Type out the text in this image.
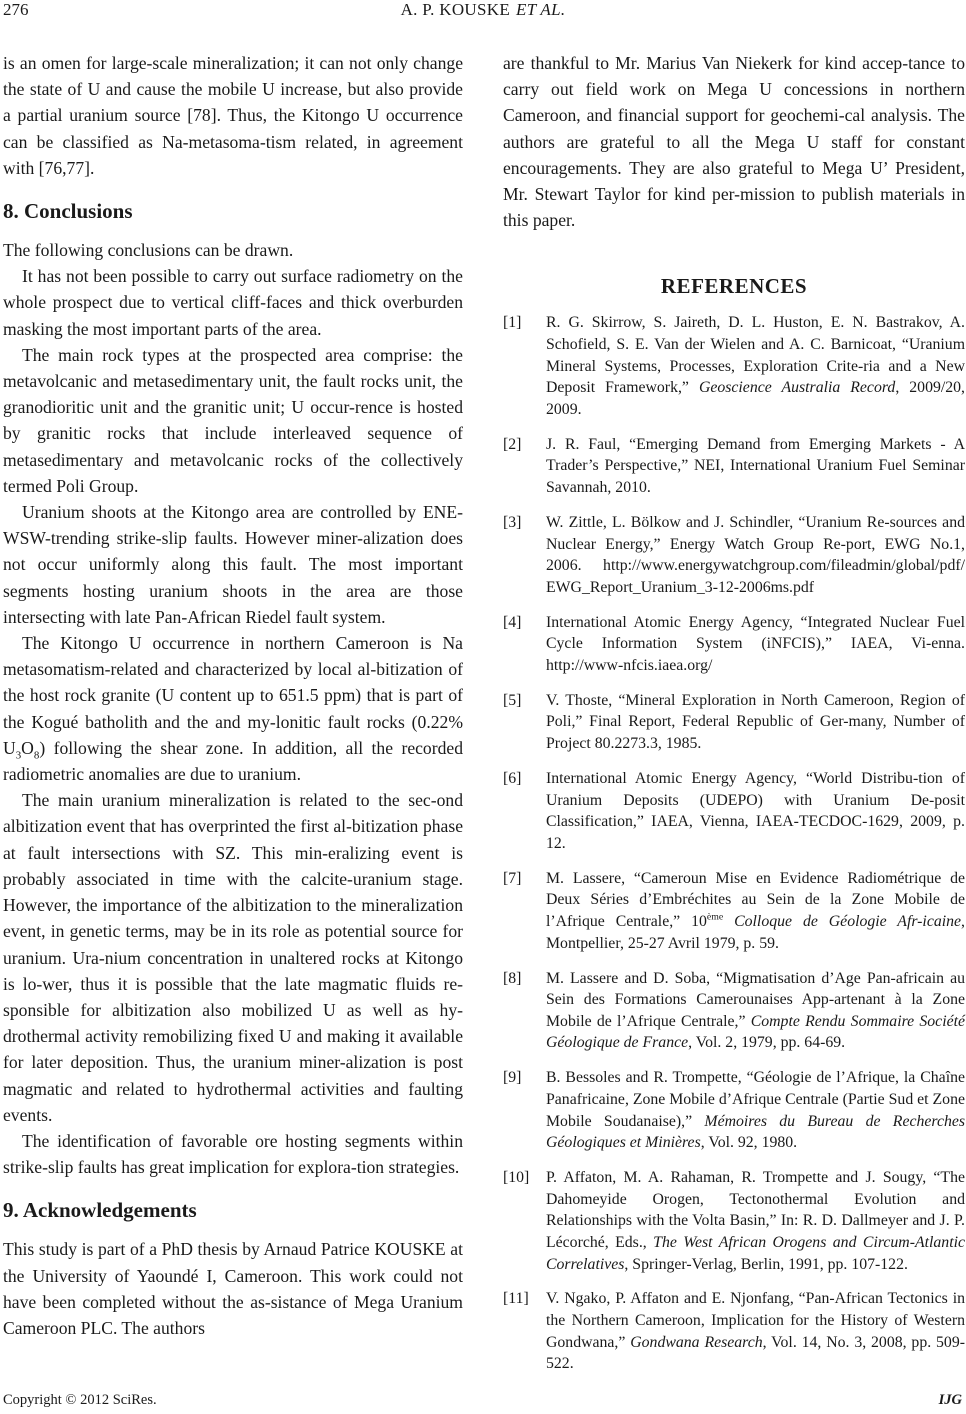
276	A. P. KOUSKE ET AL.

is an omen for large-scale mineralization; it can not only change the state of U and cause the mobile U increase, but also provide a partial uranium source [78]. Thus, the Kitongo U occurrence can be classified as Na-metasoma-tism related, in agreement with [76,77].

8. Conclusions

The following conclusions can be drawn.

It has not been possible to carry out surface radiometry on the whole prospect due to vertical cliff-faces and thick overburden masking the most important parts of the area.

The main rock types at the prospected area comprise: the metavolcanic and metasedimentary unit, the fault rocks unit, the granodioritic unit and the granitic unit; U occur-rence is hosted by granitic rocks that include interleaved sequence of metasedimentary and metavolcanic rocks of the collectively termed Poli Group.

Uranium shoots at the Kitongo area are controlled by ENE-WSW-trending strike-slip faults. However miner-alization does not occur uniformly along this fault. The most important segments hosting uranium shoots in the area are those intersecting with late Pan-African Riedel fault system.

The Kitongo U occurrence in northern Cameroon is Na metasomatism-related and characterized by local al-bitization of the host rock granite (U content up to 651.5 ppm) that is part of the Kogué batholith and the and my-lonitic fault rocks (0.22% $U_3O_8$) following the shear zone. In addition, all the recorded radiometric anomalies are due to uranium.

The main uranium mineralization is related to the sec-ond albitization event that has overprinted the first al-bitization phase at fault intersections with SZ. This min-eralizing event is probably associated in time with the calcite-uranium stage. However, the importance of the albitization to the mineralization event, in genetic terms, may be in its role as potential source for uranium. Ura-nium concentration in unaltered rocks at Kitongo is lo-wer, thus it is possible that the late magmatic fluids re-sponsible for albitization also mobilized U as well as hy-drothermal activity remobilizing fixed U and making it available for later deposition. Thus, the uranium miner-alization is post magmatic and related to hydrothermal activities and faulting events.

The identification of favorable ore hosting segments within strike-slip faults has great implication for explora-tion strategies.

9. Acknowledgements

This study is part of a PhD thesis by Arnaud Patrice KOUSKE at the University of Yaoundé I, Cameroon. This work could not have been completed without the as-sistance of Mega Uranium Cameroon PLC. The authors

are thankful to Mr. Marius Van Niekerk for kind accep-tance to carry out field work on Mega U concessions in northern Cameroon, and financial support for geochemi-cal analysis. The authors are grateful to all the Mega U staff for constant encouragements. They are also grateful to Mega U’ President, Mr. Stewart Taylor for kind per-mission to publish materials in this paper.

REFERENCES
[1] R. G. Skirrow, S. Jaireth, D. L. Huston, E. N. Bastrakov, A. Schofield, S. E. Van der Wielen and A. C. Barnicoat, “Uranium Mineral Systems, Processes, Exploration Crite-ria and a New Deposit Framework,” Geoscience Australia Record, 2009/20, 2009.
[2] J. R. Faul, “Emerging Demand from Emerging Markets - A Trader’s Perspective,” NEI, International Uranium Fuel Seminar Savannah, 2010.
[3] W. Zittle, L. Bölkow and J. Schindler, “Uranium Re-sources and Nuclear Energy,” Energy Watch Group Re-port, EWG No.1, 2006. http://www.energywatchgroup.com/fileadmin/global/pdf/ EWG_Report_Uranium_3-12-2006ms.pdf
[4] International Atomic Energy Agency, “Integrated Nuclear Fuel Cycle Information System (iNFCIS),” IAEA, Vi-enna. http://www-nfcis.iaea.org/
[5] V. Thoste, “Mineral Exploration in North Cameroon, Region of Poli,” Final Report, Federal Republic of Ger-many, Number of Project 80.2273.3, 1985.
[6] International Atomic Energy Agency, “World Distribu-tion of Uranium Deposits (UDEPO) with Uranium De-posit Classification,” IAEA, Vienna, IAEA-TECDOC-1629, 2009, p. 12.
[7] M. Lassere, “Cameroun Mise en Evidence Radiométrique de Deux Séries d’Embréchites au Sein de la Zone Mobile de l’Afrique Centrale,” 10ème Colloque de Géologie Afr-icaine, Montpellier, 25-27 Avril 1979, p. 59.
[8] M. Lassere and D. Soba, “Migmatisation d’Age Pan-africain au Sein des Formations Camerounaises App-artenant à la Zone Mobile de l’Afrique Centrale,” Compte Rendu Sommaire Société Géologique de France, Vol. 2, 1979, pp. 64-69.
[9] B. Bessoles and R. Trompette, “Géologie de l’Afrique, la Chaîne Panafricaine, Zone Mobile d’Afrique Centrale (Partie Sud et Zone Mobile Soudanaise),” Mémoires du Bureau de Recherches Géologiques et Minières, Vol. 92, 1980.
[10] P. Affaton, M. A. Rahaman, R. Trompette and J. Sougy, “The Dahomeyide Orogen, Tectonothermal Evolution and Relationships with the Volta Basin,” In: R. D. Dallmeyer and J. P. Lécorché, Eds., The West African Orogens and Circum-Atlantic Correlatives, Springer-Verlag, Berlin, 1991, pp. 107-122.
[11] V. Ngako, P. Affaton and E. Njonfang, “Pan-African Tectonics in the Northern Cameroon, Implication for the History of Western Gondwana,” Gondwana Research, Vol. 14, No. 3, 2008, pp. 509-522.
Copyright © 2012 SciRes.	IJG
